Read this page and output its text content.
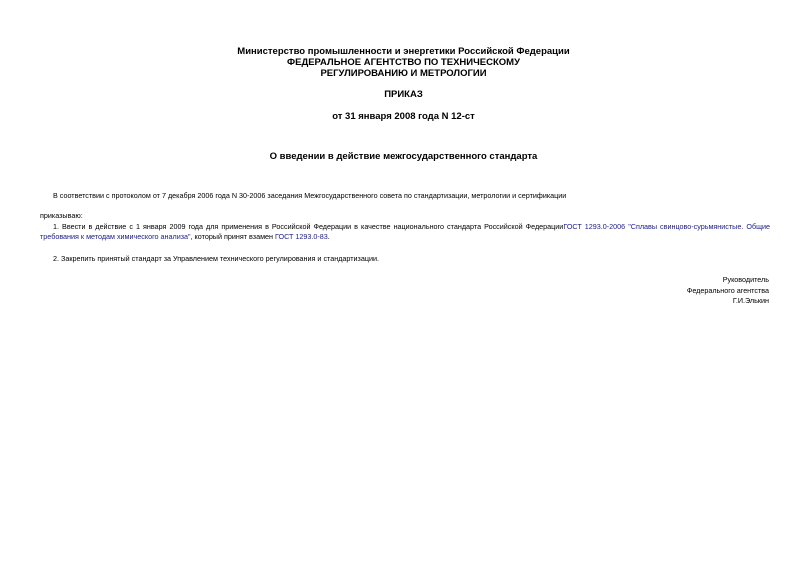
Министерство промышленности и энергетики Российской Федерации
ФЕДЕРАЛЬНОЕ АГЕНТСТВО ПО ТЕХНИЧЕСКОМУ
РЕГУЛИРОВАНИЮ И МЕТРОЛОГИИ
ПРИКАЗ
от 31 января 2008 года N 12-ст
О введении в действие межгосударственного стандарта
В соответствии с протоколом от 7 декабря 2006 года N 30-2006 заседания Межгосударственного совета по стандартизации, метрологии и сертификации
приказываю:
1. Ввести в действие с 1 января 2009 года для применения в Российской Федерации в качестве национального стандарта Российской ФедерацииГОСТ 1293.0-2006 "Сплавы свинцово-сурьмянистые. Общие требования к методам химического анализа", который принят взамен ГОСТ 1293.0-83.
2. Закрепить принятый стандарт за Управлением технического регулирования и стандартизации.
Руководитель
Федерального агентства
Г.И.Элькин
